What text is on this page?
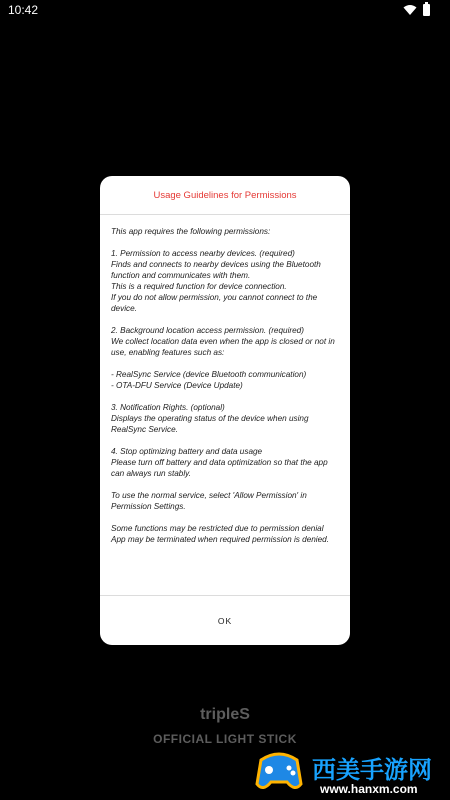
10:42
Usage Guidelines for Permissions

This app requires the following permissions:

1. Permission to access nearby devices. (required)
Finds and connects to nearby devices using the Bluetooth function and communicates with them.
This is a required function for device connection.
If you do not allow permission, you cannot connect to the device.

2. Background location access permission. (required)
We collect location data even when the app is closed or not in use, enabling features such as:

- RealSync Service (device Bluetooth communication)
- OTA-DFU Service (Device Update)

3. Notification Rights. (optional)
Displays the operating status of the device when using RealSync Service.

4. Stop optimizing battery and data usage
Please turn off battery and data optimization so that the app can always run stably.

To use the normal service, select 'Allow Permission' in Permission Settings.

Some functions may be restricted due to permission denial
App may be terminated when required permission is denied.

OK
tripleS
OFFICIAL LIGHT STICK
西美手游网
www.hanxm.com
